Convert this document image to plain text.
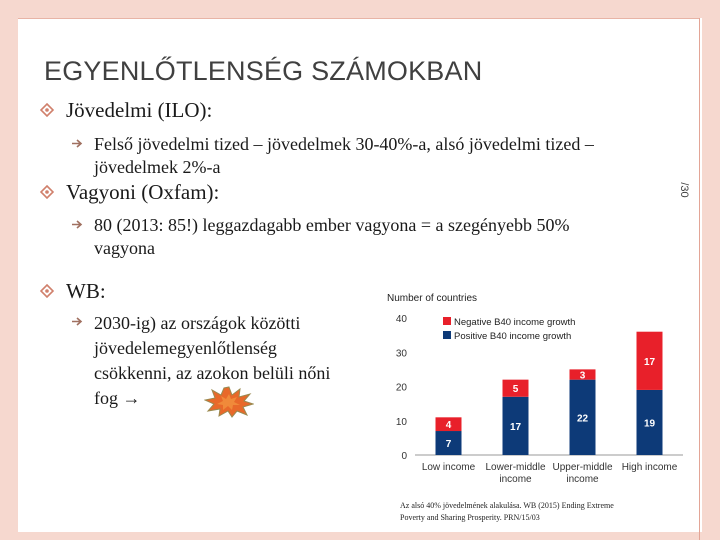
EGYENLŐTLENSÉG SZÁMOKBAN
/30
Jövedelmi (ILO):
Felső jövedelmi tized – jövedelmek 30-40%-a, alsó jövedelmi tized –
jövedelmek 2%-a
Vagyoni (Oxfam):
80 (2013: 85!) leggazdagabb ember vagyona = a szegényebb 50%
vagyona
WB:
2030-ig) az országok közötti
jövedelemegyenlőtlenség
csökkenni, az azokon belüli nőni
fog →
Number of countries
0
10
20
30
40
7
4	17
5
22
3
19
17
Negative B40 income growth
Positive B40 income growth
Low income Lower-middle
income
Upper-middle
income
High income
Az alsó 40% jövedelmének alakulása. WB (2015) Ending Extreme
Poverty and Sharing Prosperity. PRN/15/03
